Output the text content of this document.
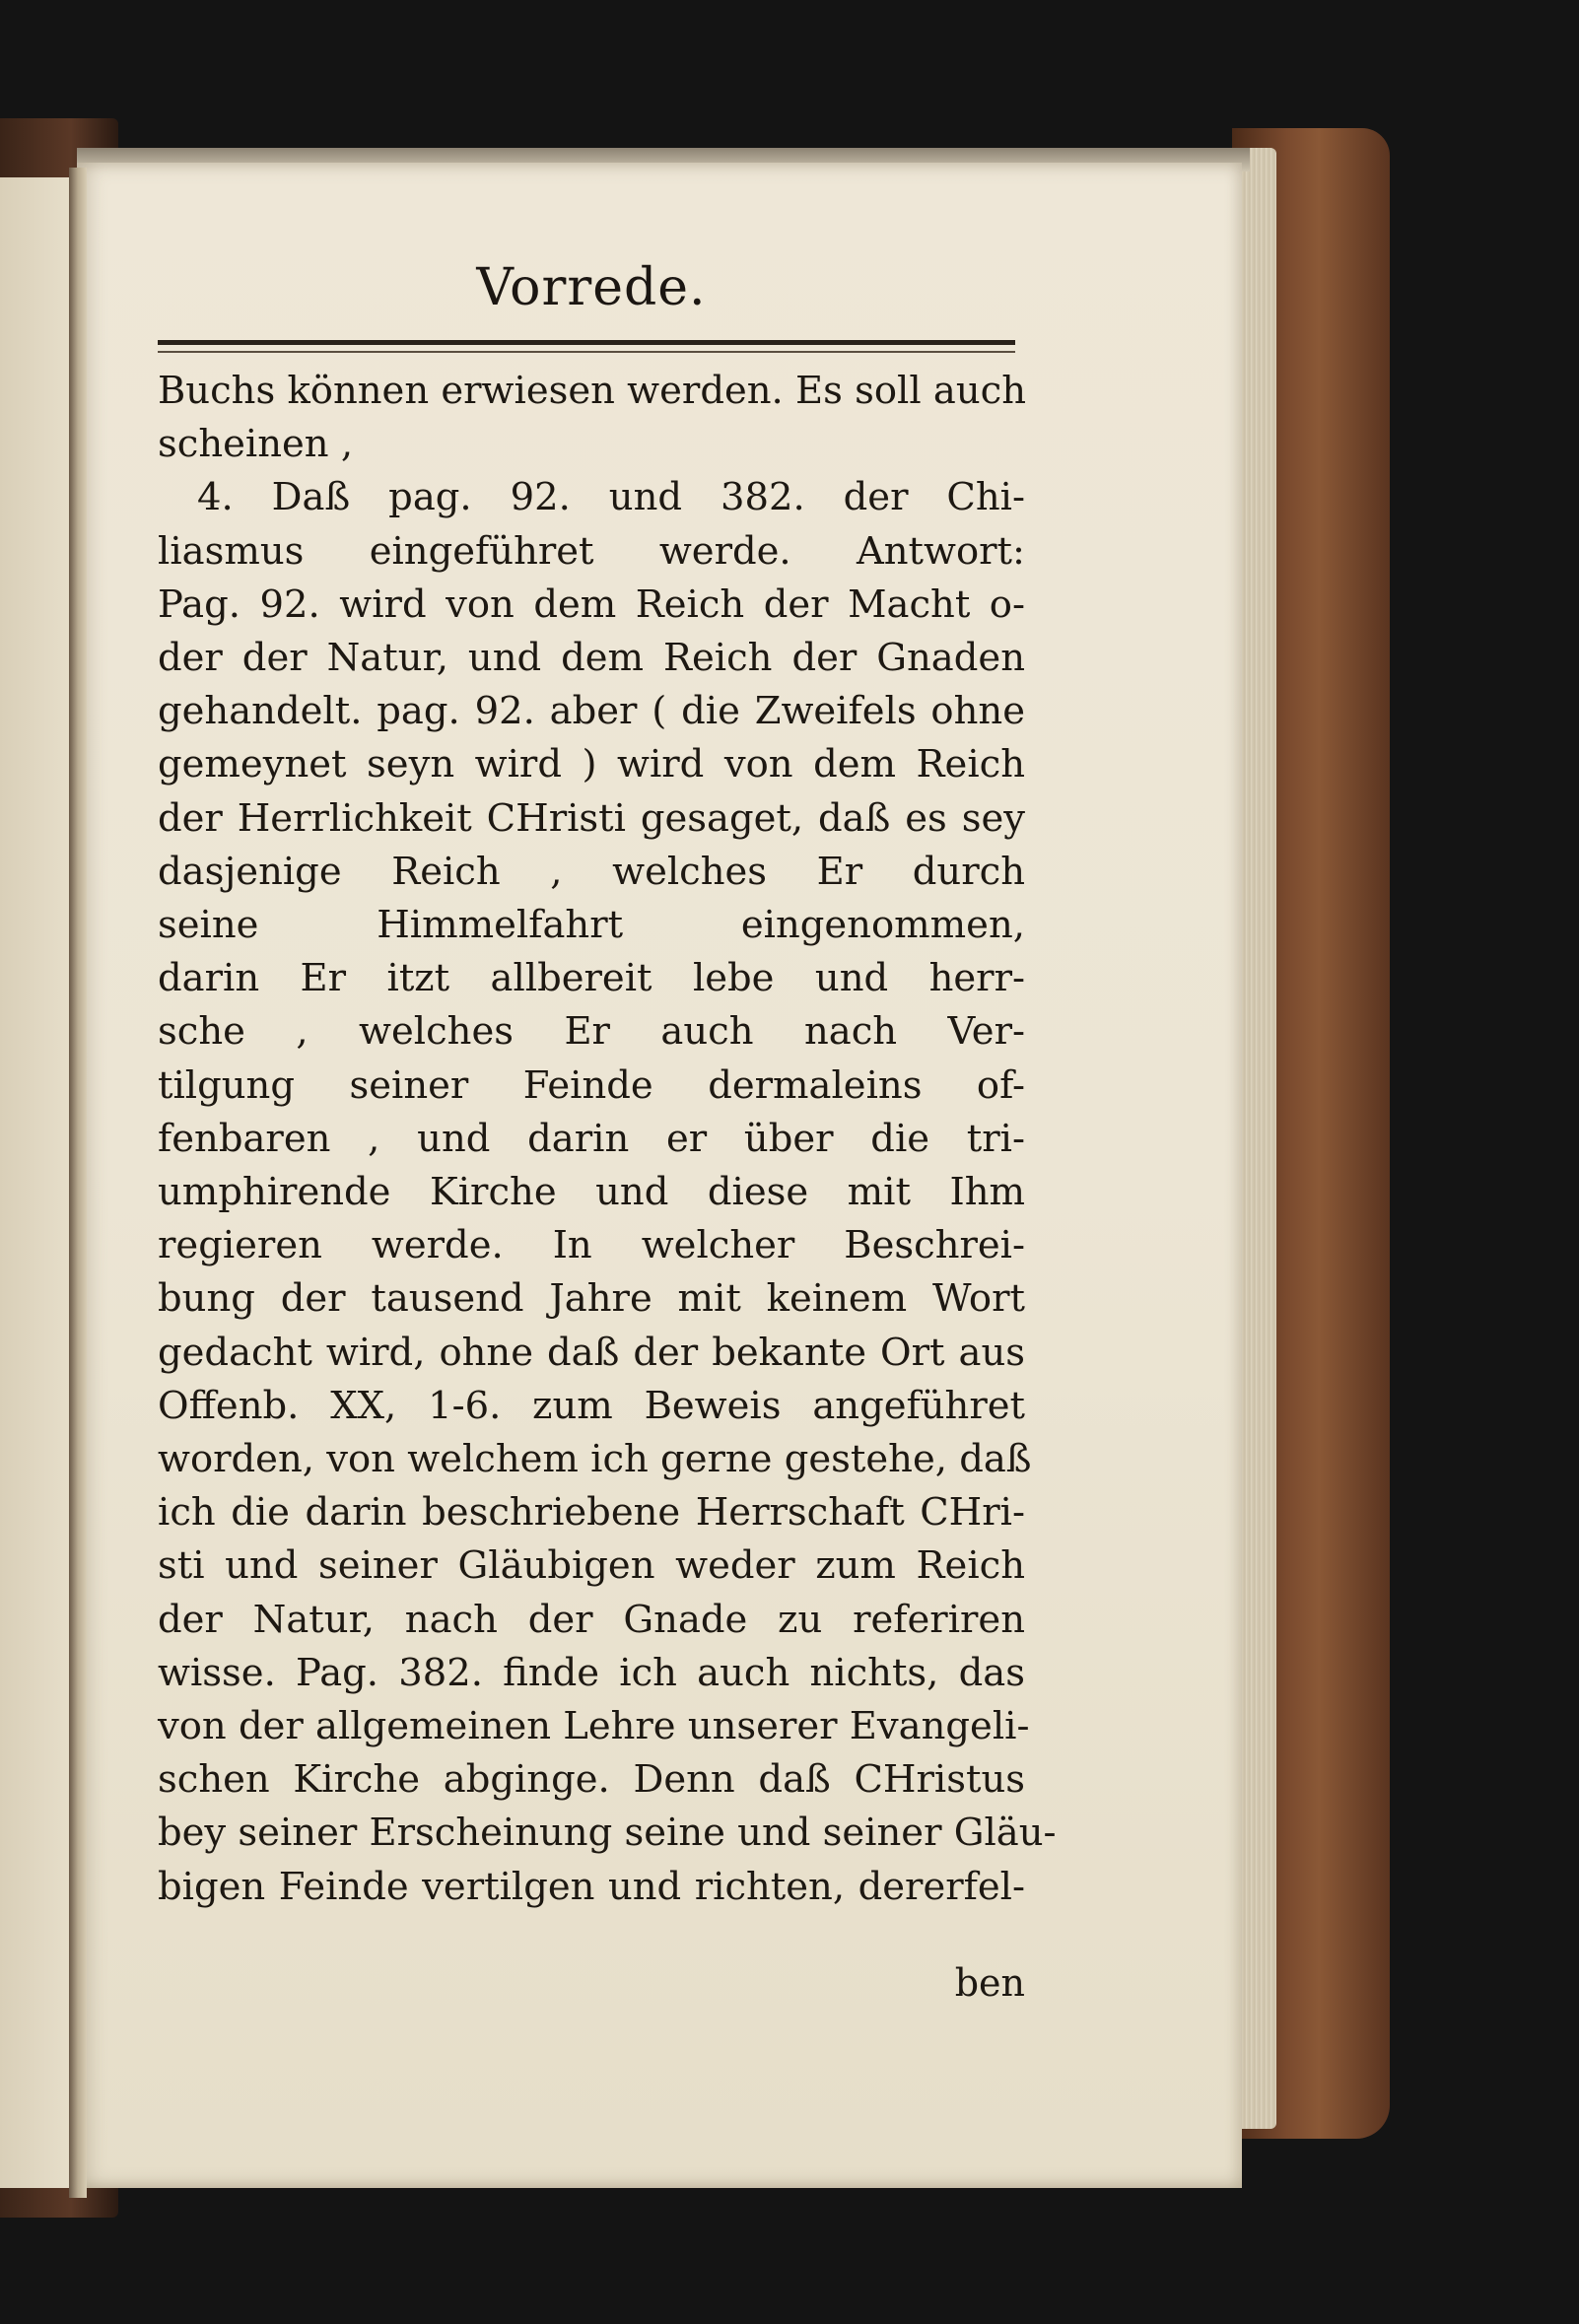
Vorrede.
Buchs können erwiesen werden. Es soll auch
scheinen ,
4. Daß pag. 92. und 382. der Chi-
liasmus eingeführet werde. Antwort:
Pag. 92. wird von dem Reich der Macht o-
der der Natur, und dem Reich der Gnaden
gehandelt. pag. 92. aber ( die Zweifels ohne
gemeynet seyn wird ) wird von dem Reich
der Herrlichkeit CHristi gesaget, daß es sey
dasjenige Reich , welches Er durch
seine Himmelfahrt eingenommen,
darin Er itzt allbereit lebe und herr-
sche , welches Er auch nach Ver-
tilgung seiner Feinde dermaleins of-
fenbaren , und darin er über die tri-
umphirende Kirche und diese mit Ihm
regieren werde. In welcher Beschrei-
bung der tausend Jahre mit keinem Wort
gedacht wird, ohne daß der bekante Ort aus
Offenb. XX, 1-6. zum Beweis angeführet
worden, von welchem ich gerne gestehe, daß
ich die darin beschriebene Herrschaft CHri-
sti und seiner Gläubigen weder zum Reich
der Natur, nach der Gnade zu referiren
wisse. Pag. 382. finde ich auch nichts, das
von der allgemeinen Lehre unserer Evangeli-
schen Kirche abginge. Denn daß CHristus
bey seiner Erscheinung seine und seiner Gläu-
bigen Feinde vertilgen und richten, dererfel-
ben
